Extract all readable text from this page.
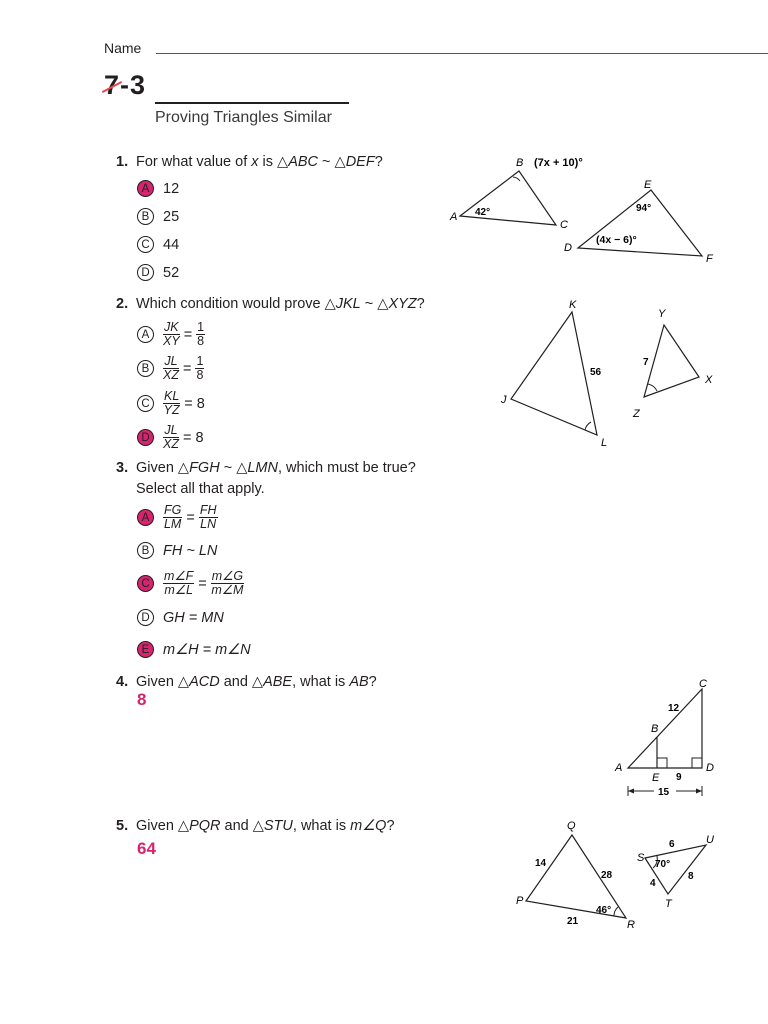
Name
7
-3
Proving Triangles Similar
1. For what value of x is △ABC ~ △DEF?
A 12
B 25
C 44
D 52
B (7x + 10)°
A 42°
C
E
94°
D
(4x − 6)°
F
2. Which condition would prove △JKL ~ △XYZ?
A	$\frac{JK}{XY} = \frac{1}{8}$
B	$\frac{JL}{XZ} = \frac{1}{8}$
C	$\frac{KL}{YZ} = 8$
D	$\frac{JL}{XZ} = 8$
K
J
L
56
Y
Z
X
7
3. Given △FGH ~ △LMN, which must be true?
Select all that apply.
A	$\frac{FG}{LM} = \frac{FH}{LN}$
B FH ~ LN
C	$\frac{m\angle F}{m\angle L} = \frac{m\angle G}{m\angle M}$
D GH = MN
E m∠H = m∠N
4. Given △ACD and △ABE, what is AB?
8
C
12
B
A	D
E 9
15
5. Given △PQR and △STU, what is m∠Q?
64
Q
P
R
14
28
21
46°
S
U
T
6
4
8
70°
